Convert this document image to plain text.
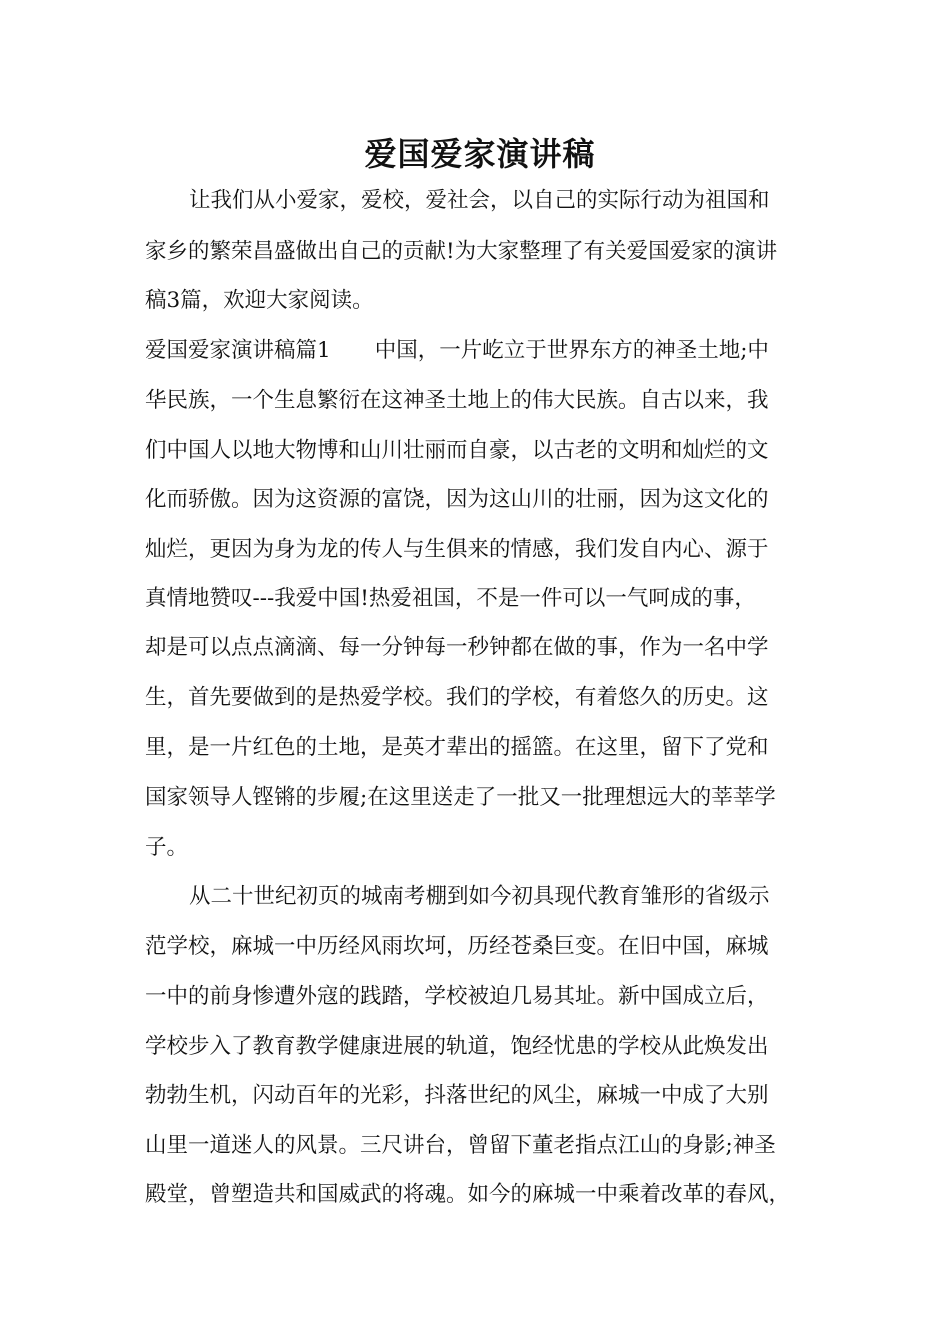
爱国爱家演讲稿

让我们从小爱家，爱校，爱社会，以自己的实际行动为祖国和

家乡的繁荣昌盛做出自己的贡献!为大家整理了有关爱国爱家的演讲

稿3篇，欢迎大家阅读。

爱国爱家演讲稿篇1 中国，一片屹立于世界东方的神圣土地;中

华民族，一个生息繁衍在这神圣土地上的伟大民族。自古以来，我

们中国人以地大物博和山川壮丽而自豪，以古老的文明和灿烂的文

化而骄傲。因为这资源的富饶，因为这山川的壮丽，因为这文化的

灿烂，更因为身为龙的传人与生俱来的情感，我们发自内心、源于

真情地赞叹---我爱中国!热爱祖国，不是一件可以一气呵成的事，

却是可以点点滴滴、每一分钟每一秒钟都在做的事，作为一名中学

生，首先要做到的是热爱学校。我们的学校，有着悠久的历史。这

里，是一片红色的土地，是英才辈出的摇篮。在这里，留下了党和

国家领导人铿锵的步履;在这里送走了一批又一批理想远大的莘莘学

子。

从二十世纪初页的城南考棚到如今初具现代教育雏形的省级示

范学校，麻城一中历经风雨坎坷，历经苍桑巨变。在旧中国，麻城

一中的前身惨遭外寇的践踏，学校被迫几易其址。新中国成立后，

学校步入了教育教学健康进展的轨道，饱经忧患的学校从此焕发出

勃勃生机，闪动百年的光彩，抖落世纪的风尘，麻城一中成了大别

山里一道迷人的风景。三尺讲台，曾留下董老指点江山的身影;神圣

殿堂，曾塑造共和国威武的将魂。如今的麻城一中乘着改革的春风，
